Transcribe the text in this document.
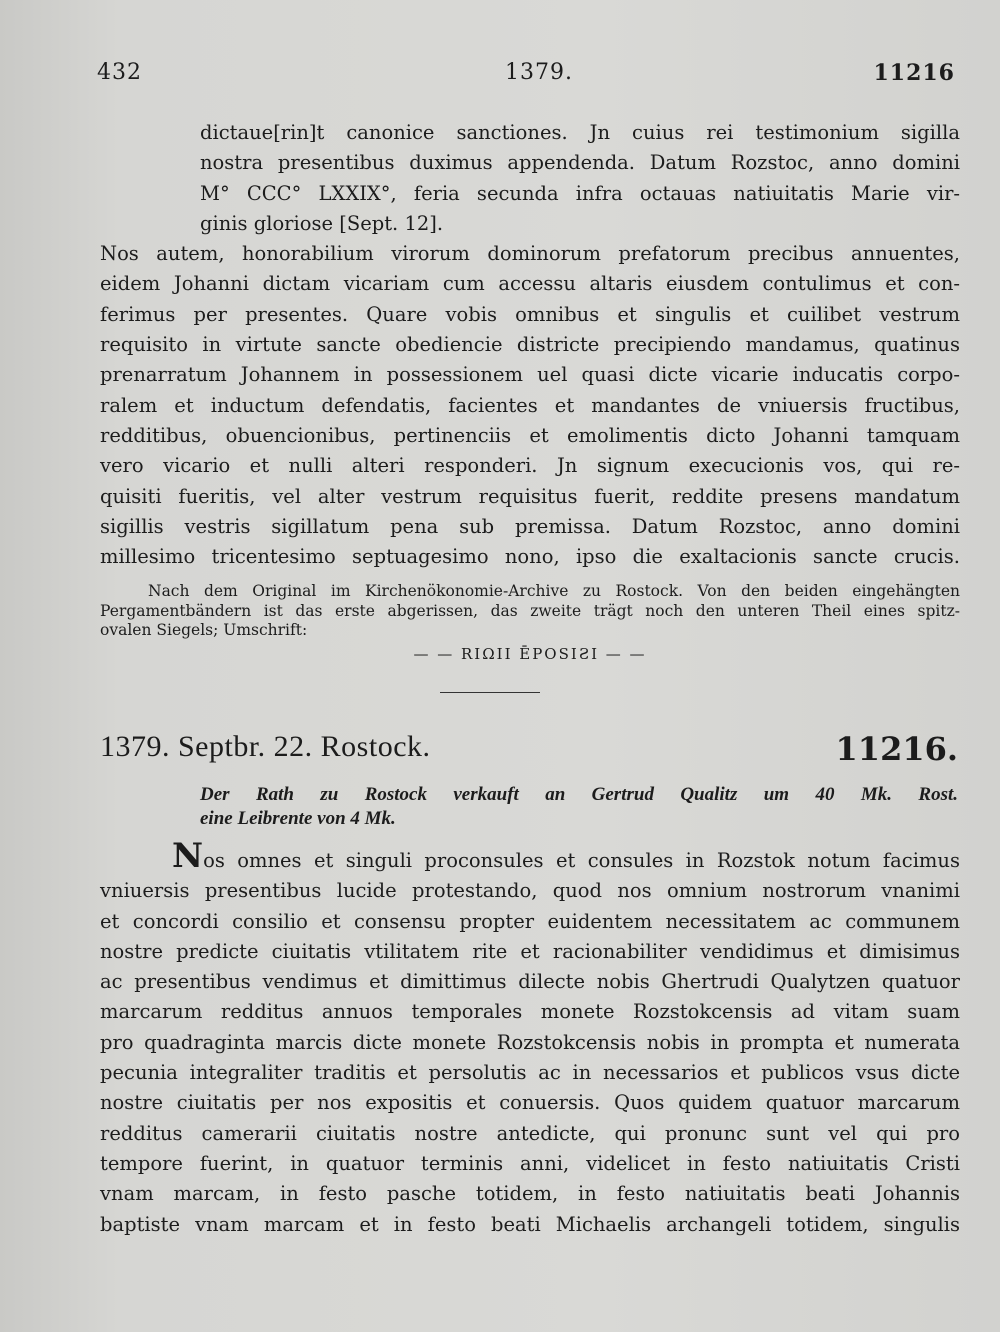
432	1379.	11216
dictaue[rin]t canonice sanctiones. Jn cuius rei testimonium sigilla
nostra presentibus duximus appendenda. Datum Rozstoc, anno domini
M° CCC° LXXIX°, feria secunda infra octauas natiuitatis Marie vir-
ginis gloriose [Sept. 12].
Nos autem, honorabilium virorum dominorum prefatorum precibus annuentes,
eidem Johanni dictam vicariam cum accessu altaris eiusdem contulimus et con-
ferimus per presentes. Quare vobis omnibus et singulis et cuilibet vestrum
requisito in virtute sancte obediencie districte precipiendo mandamus, quatinus
prenarratum Johannem in possessionem uel quasi dicte vicarie inducatis corpo-
ralem et inductum defendatis, facientes et mandantes de vniuersis fructibus,
redditibus, obuencionibus, pertinenciis et emolimentis dicto Johanni tamquam
vero vicario et nulli alteri responderi. Jn signum execucionis vos, qui re-
quisiti fueritis, vel alter vestrum requisitus fuerit, reddite presens mandatum
sigillis vestris sigillatum pena sub premissa. Datum Rozstoc, anno domini
millesimo tricentesimo septuagesimo nono, ipso die exaltacionis sancte crucis.
Nach dem Original im Kirchenökonomie-Archive zu Rostock. Von den beiden eingehängten
Pergamentbändern ist das erste abgerissen, das zweite trägt noch den unteren Theil eines spitz-
ovalen Siegels; Umschrift:
— — RIΩII ĒPOSIƧI — —
1379. Septbr. 22. Rostock.	11216.
Der Rath zu Rostock verkauft an Gertrud Qualitz um 40 Mk. Rost.
eine Leibrente von 4 Mk.
Nos omnes et singuli proconsules et consules in Rozstok notum facimus
vniuersis presentibus lucide protestando, quod nos omnium nostrorum vnanimi
et concordi consilio et consensu propter euidentem necessitatem ac communem
nostre predicte ciuitatis vtilitatem rite et racionabiliter vendidimus et dimisimus
ac presentibus vendimus et dimittimus dilecte nobis Ghertrudi Qualytzen quatuor
marcarum redditus annuos temporales monete Rozstokcensis ad vitam suam
pro quadraginta marcis dicte monete Rozstokcensis nobis in prompta et numerata
pecunia integraliter traditis et persolutis ac in necessarios et publicos vsus dicte
nostre ciuitatis per nos expositis et conuersis. Quos quidem quatuor marcarum
redditus camerarii ciuitatis nostre antedicte, qui pronunc sunt vel qui pro
tempore fuerint, in quatuor terminis anni, videlicet in festo natiuitatis Cristi
vnam marcam, in festo pasche totidem, in festo natiuitatis beati Johannis
baptiste vnam marcam et in festo beati Michaelis archangeli totidem, singulis
